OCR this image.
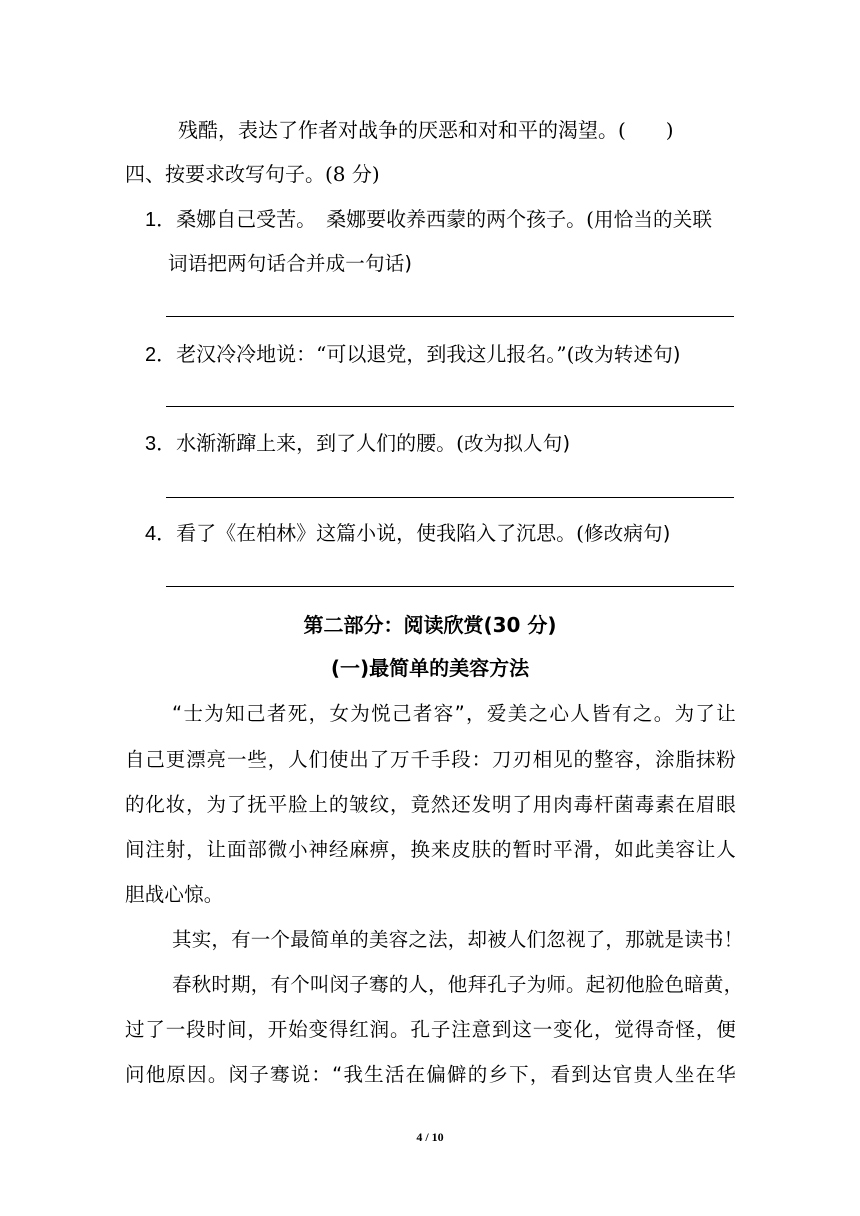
残酷，表达了作者对战争的厌恶和对和平的渴望。(　　)
四、按要求改写句子。(8 分)
1．桑娜自己受苦。　桑娜要收养西蒙的两个孩子。(用恰当的关联
词语把两句话合并成一句话)
2．老汉冷冷地说：“可以退党，到我这儿报名。”(改为转述句)
3．水渐渐蹿上来，到了人们的腰。(改为拟人句)
4．看了《在柏林》这篇小说，使我陷入了沉思。(修改病句)
第二部分：阅读欣赏(30 分)
(一)最简单的美容方法
“士为知己者死，女为悦己者容”，爱美之心人皆有之。为了让
自己更漂亮一些，人们使出了万千手段：刀刃相见的整容，涂脂抹粉
的化妆，为了抚平脸上的皱纹，竟然还发明了用肉毒杆菌毒素在眉眼
间注射，让面部微小神经麻痹，换来皮肤的暂时平滑，如此美容让人
胆战心惊。
其实，有一个最简单的美容之法，却被人们忽视了，那就是读书！
春秋时期，有个叫闵子骞的人，他拜孔子为师。起初他脸色暗黄，
过了一段时间，开始变得红润。孔子注意到这一变化，觉得奇怪，便
问他原因。闵子骞说：“我生活在偏僻的乡下，看到达官贵人坐在华
4 / 10
